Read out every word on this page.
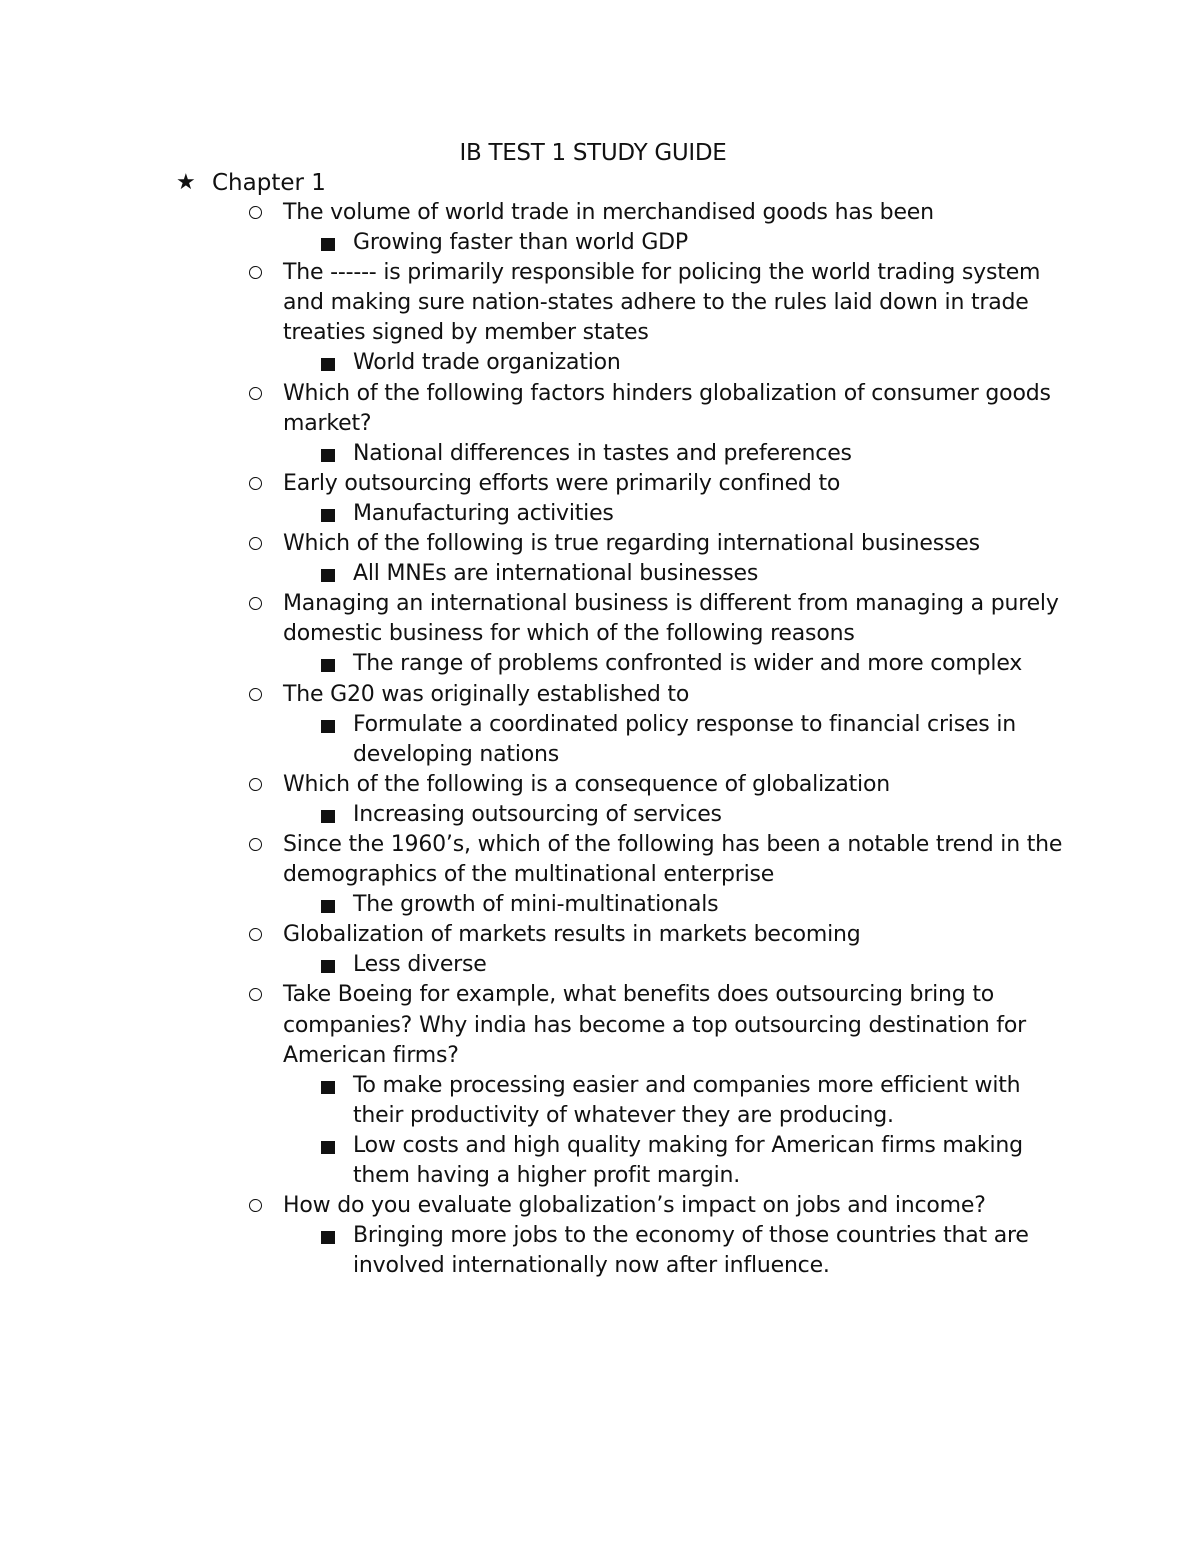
IB TEST 1 STUDY GUIDE
★ Chapter 1
The volume of world trade in merchandised goods has been
Growing faster than world GDP
The ------ is primarily responsible for policing the world trading system and making sure nation-states adhere to the rules laid down in trade treaties signed by member states
World trade organization
Which of the following factors hinders globalization of consumer goods market?
National differences in tastes and preferences
Early outsourcing efforts were primarily confined to
Manufacturing activities
Which of the following is true regarding international businesses
All MNEs are international businesses
Managing an international business is different from managing a purely domestic business for which of the following reasons
The range of problems confronted is wider and more complex
The G20 was originally established to
Formulate a coordinated policy response to financial crises in developing nations
Which of the following is a consequence of globalization
Increasing outsourcing of services
Since the 1960’s, which of the following has been a notable trend in the demographics of the multinational enterprise
The growth of mini-multinationals
Globalization of markets results in markets becoming
Less diverse
Take Boeing for example, what benefits does outsourcing bring to companies? Why india has become a top outsourcing destination for American firms?
To make processing easier and companies more efficient with their productivity of whatever they are producing.
Low costs and high quality making for American firms making them having a higher profit margin.
How do you evaluate globalization’s impact on jobs and income?
Bringing more jobs to the economy of those countries that are involved internationally now after influence.
